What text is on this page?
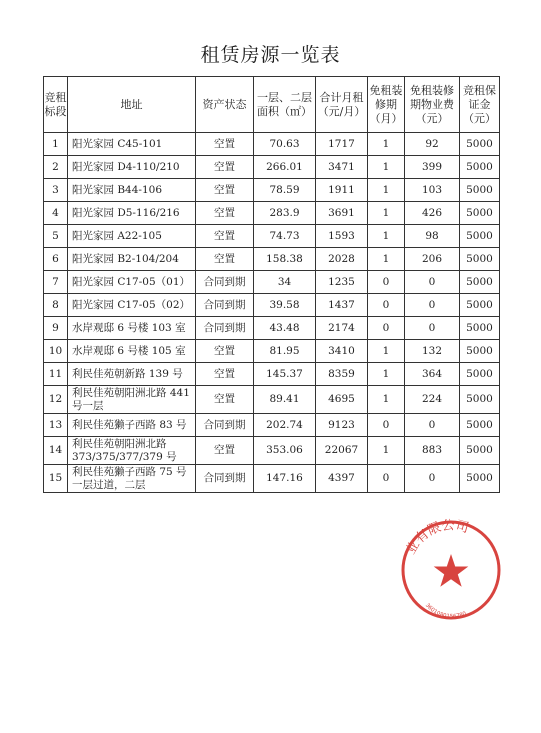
租赁房源一览表
竞租标段	地址	资产状态	一层、二层面积（㎡）	合计月租（元/月）	免租装修期（月）	免租装修期物业费（元）	竞租保证金（元）
1	阳光家园 C45-101	空置	70.63	1717	1	92	5000
2	阳光家园 D4-110/210	空置	266.01	3471	1	399	5000
3	阳光家园 B44-106	空置	78.59	1911	1	103	5000
4	阳光家园 D5-116/216	空置	283.9	3691	1	426	5000
5	阳光家园 A22-105	空置	74.73	1593	1	98	5000
6	阳光家园 B2-104/204	空置	158.38	2028	1	206	5000
7	阳光家园 C17-05（01）	合同到期	34	1235	0	0	5000
8	阳光家园 C17-05（02）	合同到期	39.58	1437	0	0	5000
9	水岸观邸 6 号楼 103 室	合同到期	43.48	2174	0	0	5000
10	水岸观邸 6 号楼 105 室	空置	81.95	3410	1	132	5000
11	利民佳苑朝新路 139 号	空置	145.37	8359	1	364	5000
12	利民佳苑朝阳洲北路 441 号一层	空置	89.41	4695	1	224	5000
13	利民佳苑獭子西路 83 号	合同到期	202.74	9123	0	0	5000
14	利民佳苑朝阳洲北路 373/375/377/379 号	空置	353.06	22067	1	883	5000
15	利民佳苑獭子西路 75 号一层过道，二层	合同到期	147.16	4397	0	0	5000
业有限公司
3601080156780
